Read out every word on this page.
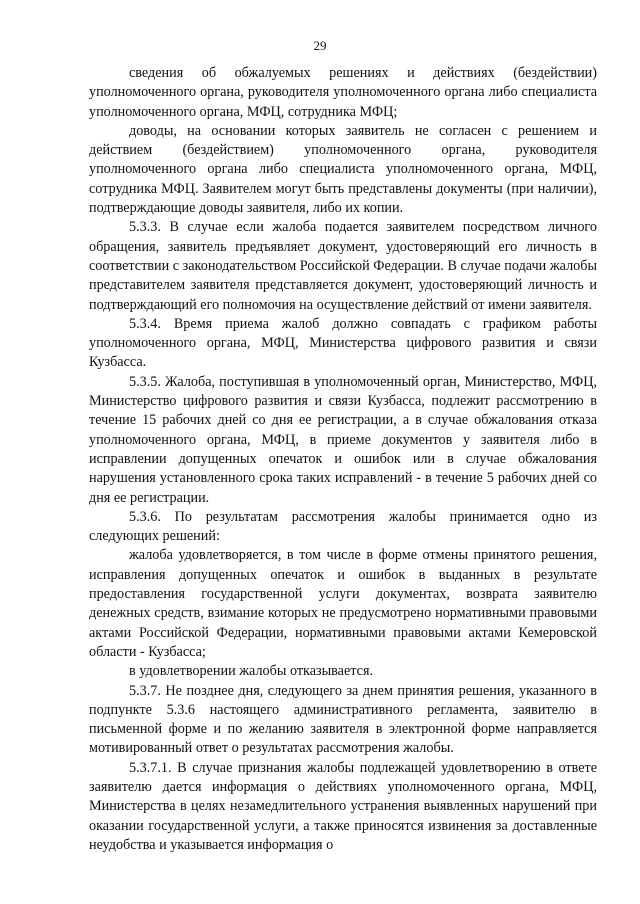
29

сведения об обжалуемых решениях и действиях (бездействии) уполномоченного органа, руководителя уполномоченного органа либо специалиста уполномоченного органа, МФЦ, сотрудника МФЦ;

доводы, на основании которых заявитель не согласен с решением и действием (бездействием) уполномоченного органа, руководителя уполномоченного органа либо специалиста уполномоченного органа, МФЦ, сотрудника МФЦ. Заявителем могут быть представлены документы (при наличии), подтверждающие доводы заявителя, либо их копии.

5.3.3. В случае если жалоба подается заявителем посредством личного обращения, заявитель предъявляет документ, удостоверяющий его личность в соответствии с законодательством Российской Федерации. В случае подачи жалобы представителем заявителя представляется документ, удостоверяющий личность и подтверждающий его полномочия на осуществление действий от имени заявителя.

5.3.4. Время приема жалоб должно совпадать с графиком работы уполномоченного органа, МФЦ, Министерства цифрового развития и связи Кузбасса.

5.3.5. Жалоба, поступившая в уполномоченный орган, Министерство, МФЦ, Министерство цифрового развития и связи Кузбасса, подлежит рассмотрению в течение 15 рабочих дней со дня ее регистрации, а в случае обжалования отказа уполномоченного органа, МФЦ, в приеме документов у заявителя либо в исправлении допущенных опечаток и ошибок или в случае обжалования нарушения установленного срока таких исправлений - в течение 5 рабочих дней со дня ее регистрации.

5.3.6. По результатам рассмотрения жалобы принимается одно из следующих решений:

жалоба удовлетворяется, в том числе в форме отмены принятого решения, исправления допущенных опечаток и ошибок в выданных в результате предоставления государственной услуги документах, возврата заявителю денежных средств, взимание которых не предусмотрено нормативными правовыми актами Российской Федерации, нормативными правовыми актами Кемеровской области - Кузбасса;

в удовлетворении жалобы отказывается.

5.3.7. Не позднее дня, следующего за днем принятия решения, указанного в подпункте 5.3.6 настоящего административного регламента, заявителю в письменной форме и по желанию заявителя в электронной форме направляется мотивированный ответ о результатах рассмотрения жалобы.

5.3.7.1. В случае признания жалобы подлежащей удовлетворению в ответе заявителю дается информация о действиях уполномоченного органа, МФЦ, Министерства в целях незамедлительного устранения выявленных нарушений при оказании государственной услуги, а также приносятся извинения за доставленные неудобства и указывается информация о
